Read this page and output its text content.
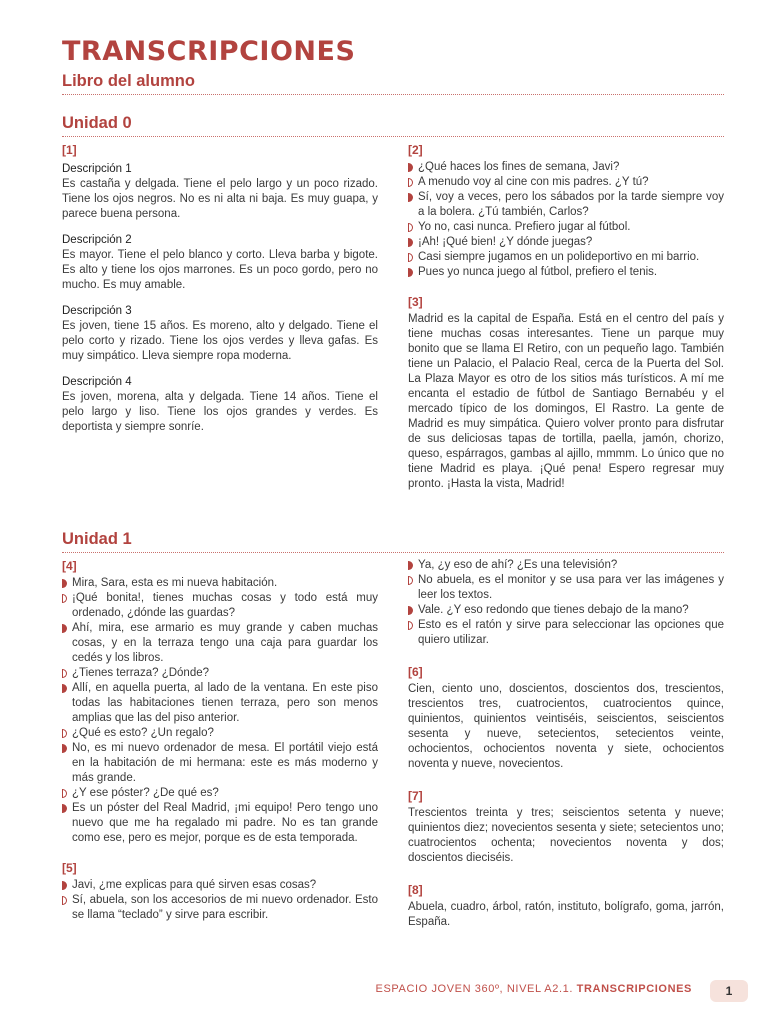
TRANSCRIPCIONES
Libro del alumno
Unidad 0
[1]
Descripción 1

Es castaña y delgada. Tiene el pelo largo y un poco rizado. Tiene los ojos negros. No es ni alta ni baja. Es muy guapa, y parece buena persona.

Descripción 2

Es mayor. Tiene el pelo blanco y corto. Lleva barba y bigote. Es alto y tiene los ojos marrones. Es un poco gordo, pero no mucho. Es muy amable.

Descripción 3

Es joven, tiene 15 años. Es moreno, alto y delgado. Tiene el pelo corto y rizado. Tiene los ojos verdes y lleva gafas. Es muy simpático. Lleva siempre ropa moderna.

Descripción 4

Es joven, morena, alta y delgada. Tiene 14 años. Tiene el pelo largo y liso. Tiene los ojos grandes y verdes. Es deportista y siempre sonríe.

[2]
¿Qué haces los fines de semana, Javi?
A menudo voy al cine con mis padres. ¿Y tú?
Sí, voy a veces, pero los sábados por la tarde siempre voy a la bolera. ¿Tú también, Carlos?
Yo no, casi nunca. Prefiero jugar al fútbol.
¡Ah! ¡Qué bien! ¿Y dónde juegas?
Casi siempre jugamos en un polideportivo en mi barrio.
Pues yo nunca juego al fútbol, prefiero el tenis.
[3]

Madrid es la capital de España. Está en el centro del país y tiene muchas cosas interesantes. Tiene un parque muy bonito que se llama El Retiro, con un pequeño lago. También tiene un Palacio, el Palacio Real, cerca de la Puerta del Sol. La Plaza Mayor es otro de los sitios más turísticos. A mí me encanta el estadio de fútbol de Santiago Bernabéu y el mercado típico de los domingos, El Rastro. La gente de Madrid es muy simpática. Quiero volver pronto para disfrutar de sus deliciosas tapas de tortilla, paella, jamón, chorizo, queso, espárragos, gambas al ajillo, mmmm. Lo único que no tiene Madrid es playa. ¡Qué pena! Espero regresar muy pronto. ¡Hasta la vista, Madrid!

Unidad 1
[4]
Mira, Sara, esta es mi nueva habitación.
¡Qué bonita!, tienes muchas cosas y todo está muy ordenado, ¿dónde las guardas?
Ahí, mira, ese armario es muy grande y caben muchas cosas, y en la terraza tengo una caja para guardar los cedés y los libros.
¿Tienes terraza? ¿Dónde?
Allí, en aquella puerta, al lado de la ventana. En este piso todas las habitaciones tienen terraza, pero son menos amplias que las del piso anterior.
¿Qué es esto? ¿Un regalo?
No, es mi nuevo ordenador de mesa. El portátil viejo está en la habitación de mi hermana: este es más moderno y más grande.
¿Y ese póster? ¿De qué es?
Es un póster del Real Madrid, ¡mi equipo! Pero tengo uno nuevo que me ha regalado mi padre. No es tan grande como ese, pero es mejor, porque es de esta temporada.
[5]
Javi, ¿me explicas para qué sirven esas cosas?
Sí, abuela, son los accesorios de mi nuevo ordenador. Esto se llama “teclado” y sirve para escribir.
Ya, ¿y eso de ahí? ¿Es una televisión?
No abuela, es el monitor y se usa para ver las imágenes y leer los textos.
Vale. ¿Y eso redondo que tienes debajo de la mano?
Esto es el ratón y sirve para seleccionar las opciones que quiero utilizar.
[6]

Cien, ciento uno, doscientos, doscientos dos, trescientos, trescientos tres, cuatrocientos, cuatrocientos quince, quinientos, quinientos veintiséis, seiscientos, seiscientos sesenta y nueve, setecientos, setecientos veinte, ochocientos, ochocientos noventa y siete, ochocientos noventa y nueve, novecientos.

[7]

Trescientos treinta y tres; seiscientos setenta y nueve; quinientos diez; novecientos sesenta y siete; setecientos uno; cuatrocientos ochenta; novecientos noventa y dos; doscientos dieciséis.

[8]

Abuela, cuadro, árbol, ratón, instituto, bolígrafo, goma, jarrón, España.

ESPACIO JOVEN 360º, NIVEL A2.1. TRANSCRIPCIONES	1
